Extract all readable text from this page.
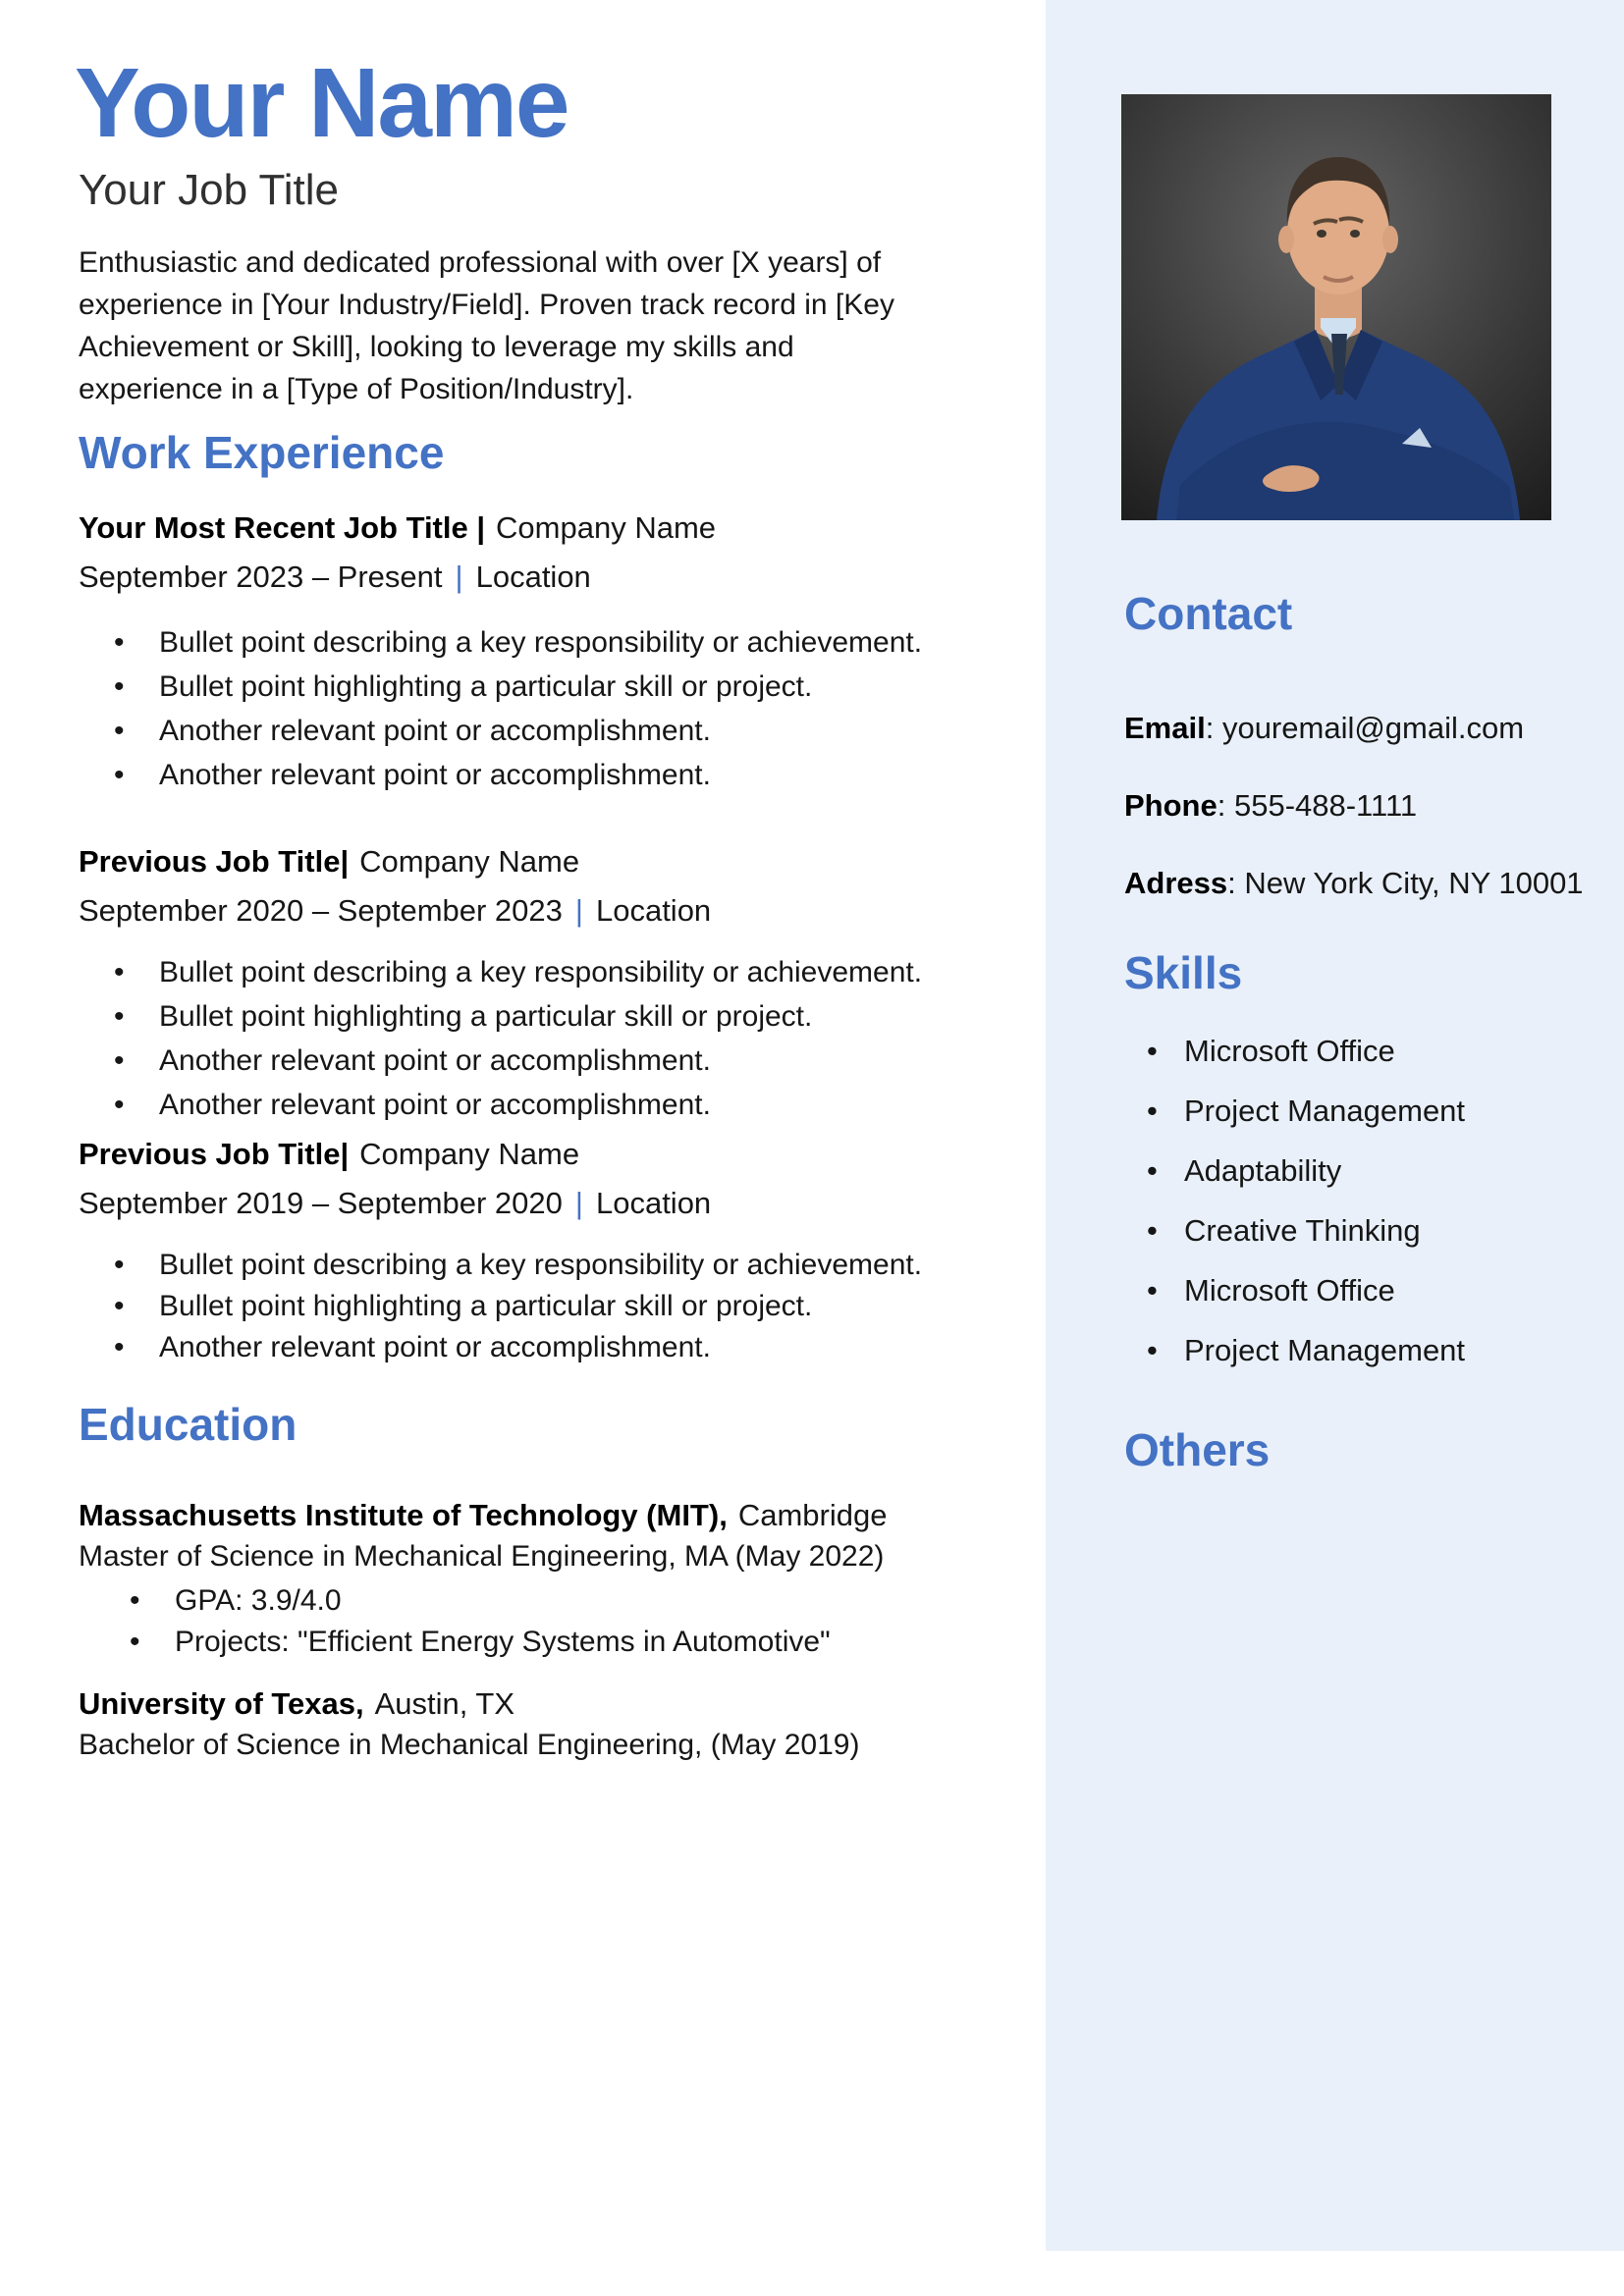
Your Name
Your Job Title

Enthusiastic and dedicated professional with over [X years] of experience in [Your Industry/Field]. Proven track record in [Key Achievement or Skill], looking to leverage my skills and experience in a [Type of Position/Industry].

Work Experience
Your Most Recent Job Title | Company Name
September 2023 – Present | Location
•	Bullet point describing a key responsibility or achievement.
•	Bullet point highlighting a particular skill or project.
•	Another relevant point or accomplishment.
•	Another relevant point or accomplishment.
Previous Job Title| Company Name
September 2020 – September 2023 | Location
•	Bullet point describing a key responsibility or achievement.
•	Bullet point highlighting a particular skill or project.
•	Another relevant point or accomplishment.
•	Another relevant point or accomplishment.
Previous Job Title| Company Name
September 2019 – September 2020 | Location
•	Bullet point describing a key responsibility or achievement.
•	Bullet point highlighting a particular skill or project.
•	Another relevant point or accomplishment.
Education
Massachusetts Institute of Technology (MIT), Cambridge
Master of Science in Mechanical Engineering, MA (May 2022)
•	GPA: 3.9/4.0
•	Projects: "Efficient Energy Systems in Automotive"
University of Texas, Austin, TX
Bachelor of Science in Mechanical Engineering, (May 2019)
Contact
Email: youremail@gmail.com
Phone: 555-488-1111
Adress: New York City, NY 10001
Skills
• Microsoft Office
• Project Management
• Adaptability
• Creative Thinking
• Microsoft Office
• Project Management
Others
